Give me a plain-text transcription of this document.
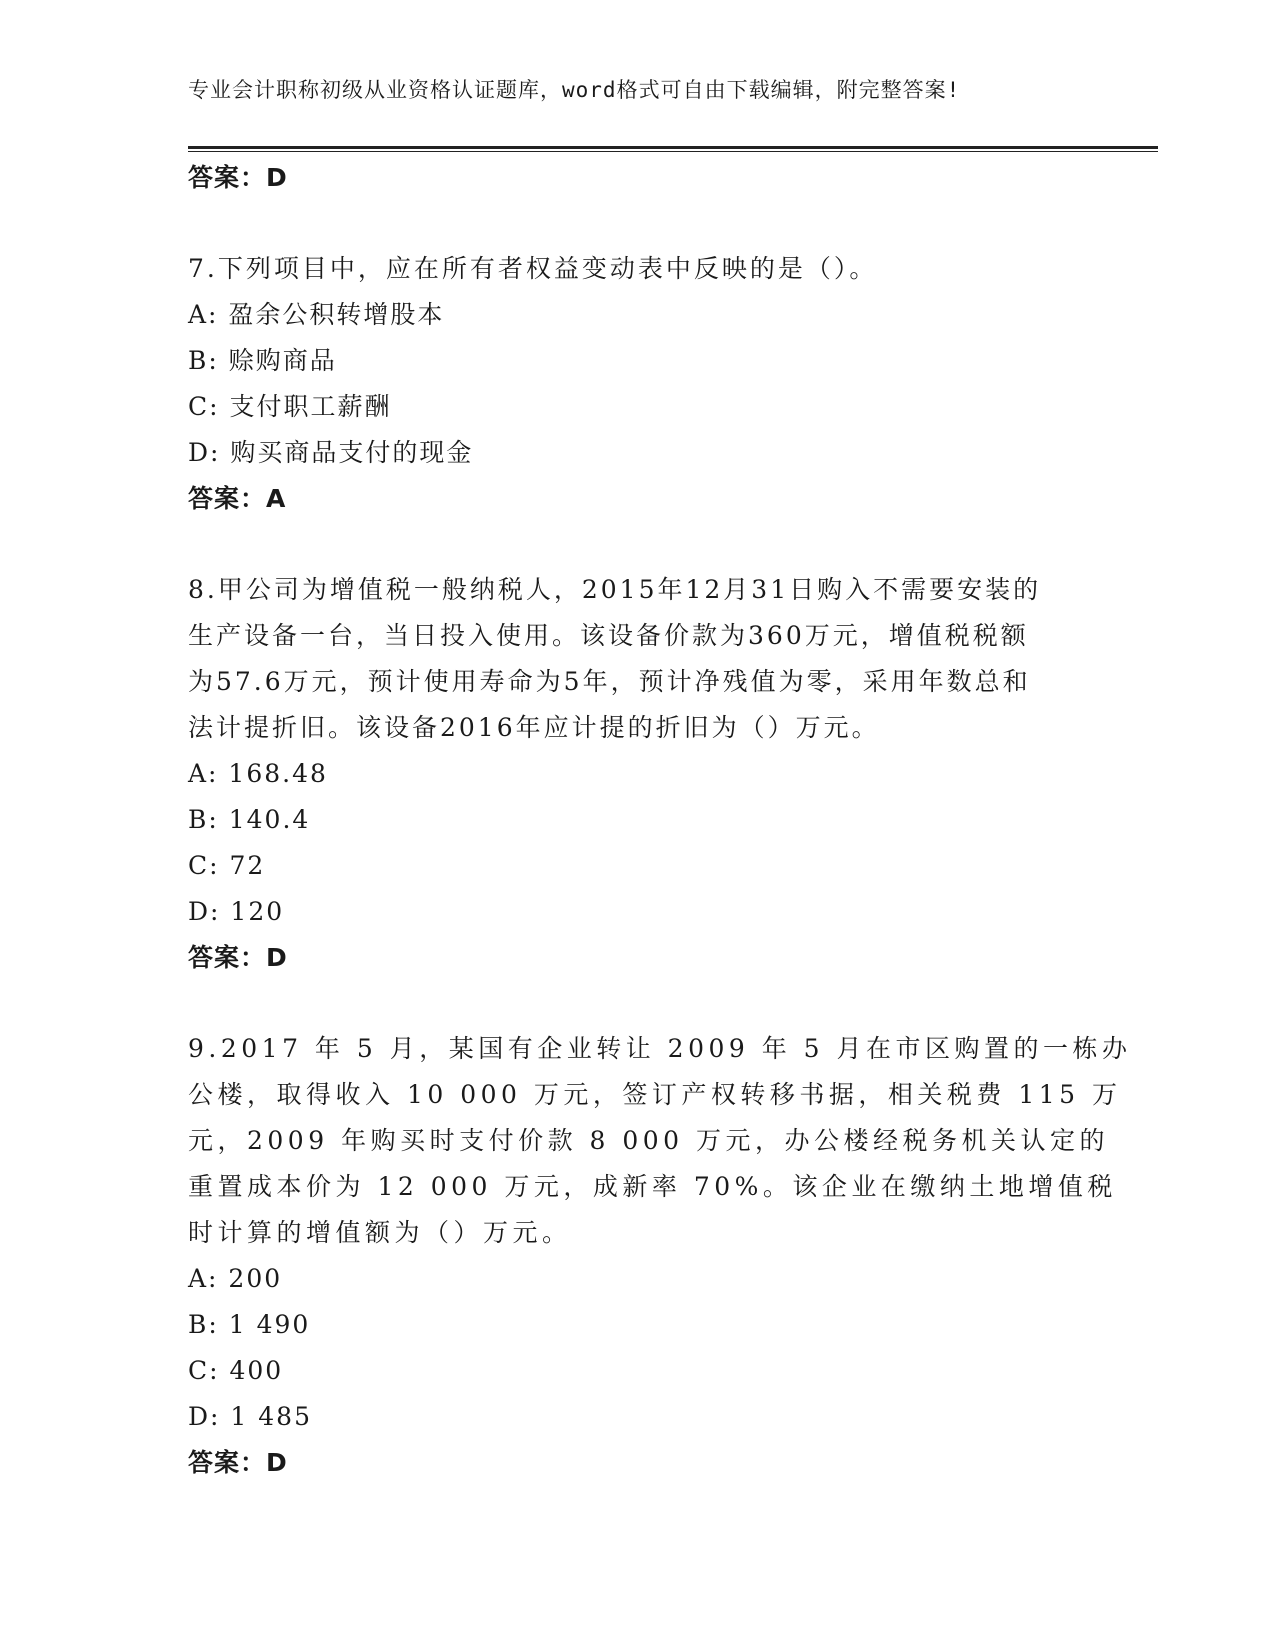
专业会计职称初级从业资格认证题库，word格式可自由下载编辑，附完整答案!
答案：D
7.下列项目中，应在所有者权益变动表中反映的是（）。
A: 盈余公积转增股本
B: 赊购商品
C: 支付职工薪酬
D: 购买商品支付的现金
答案：A
8.甲公司为增值税一般纳税人，2015年12月31日购入不需要安装的
生产设备一台，当日投入使用。该设备价款为360万元，增值税税额
为57.6万元，预计使用寿命为5年，预计净残值为零，采用年数总和
法计提折旧。该设备2016年应计提的折旧为（）万元。
A: 168.48
B: 140.4
C: 72
D: 120
答案：D
9.2017 年 5 月，某国有企业转让 2009 年 5 月在市区购置的一栋办
公楼，取得收入 10 000 万元，签订产权转移书据，相关税费 115 万
元，2009 年购买时支付价款 8 000 万元，办公楼经税务机关认定的
重置成本价为 12 000 万元，成新率 70%。该企业在缴纳土地增值税
时计算的增值额为（）万元。
A: 200
B: 1 490
C: 400
D: 1 485
答案：D
